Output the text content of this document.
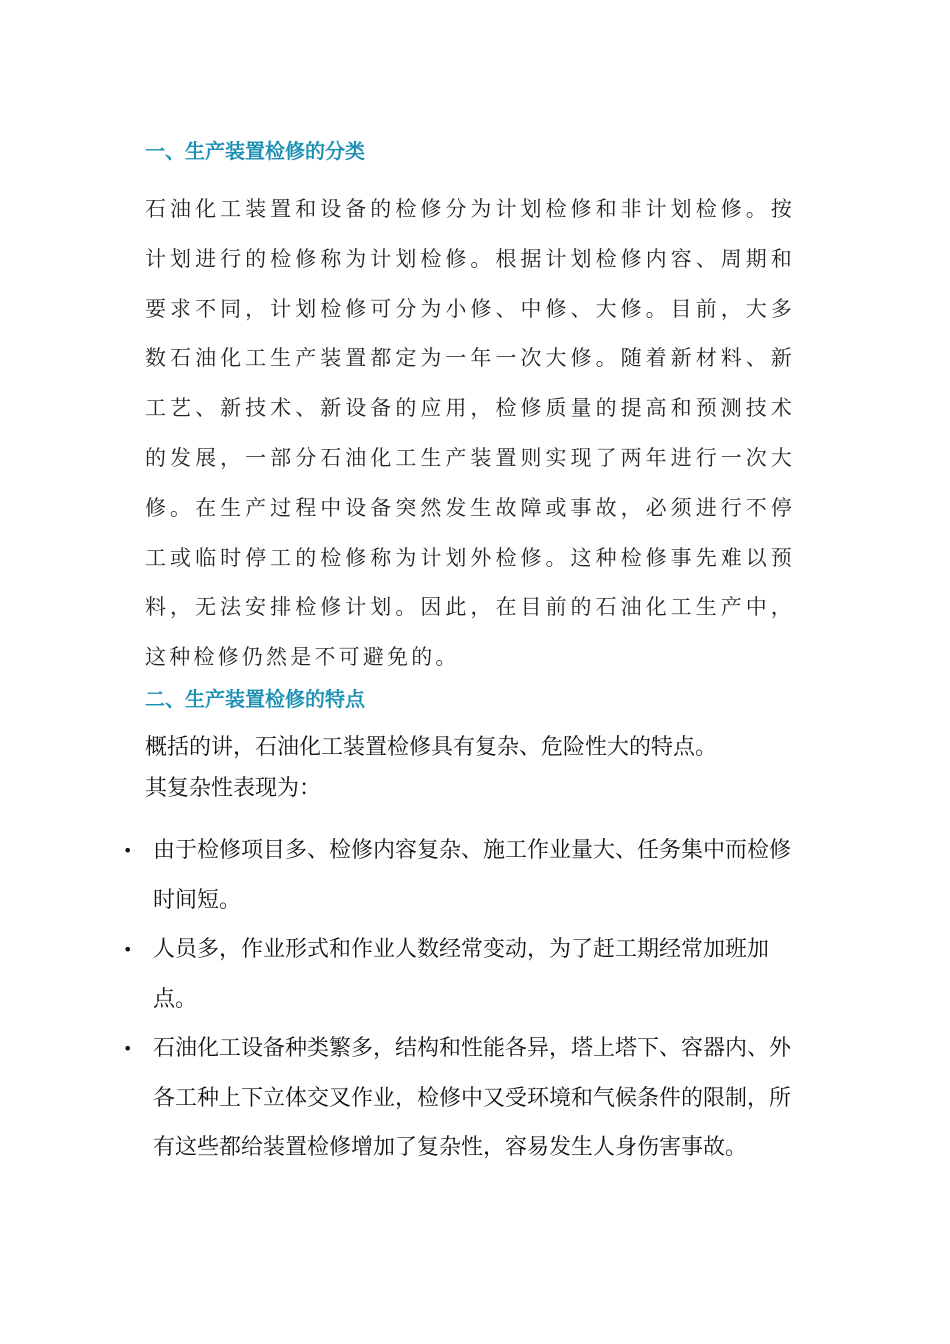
一、生产装置检修的分类
石油化工装置和设备的检修分为计划检修和非计划检修。按计划进行的检修称为计划检修。根据计划检修内容、周期和要求不同，计划检修可分为小修、中修、大修。目前，大多数石油化工生产装置都定为一年一次大修。随着新材料、新工艺、新技术、新设备的应用，检修质量的提高和预测技术的发展，一部分石油化工生产装置则实现了两年进行一次大修。在生产过程中设备突然发生故障或事故，必须进行不停工或临时停工的检修称为计划外检修。这种检修事先难以预料，无法安排检修计划。因此，在目前的石油化工生产中，这种检修仍然是不可避免的。
二、生产装置检修的特点
概括的讲，石油化工装置检修具有复杂、危险性大的特点。
其复杂性表现为：
• 由于检修项目多、检修内容复杂、施工作业量大、任务集中而检修时间短。
• 人员多，作业形式和作业人数经常变动，为了赶工期经常加班加点。
• 石油化工设备种类繁多，结构和性能各异，塔上塔下、容器内、外各工种上下立体交叉作业，检修中又受环境和气候条件的限制，所有这些都给装置检修增加了复杂性，容易发生人身伤害事故。
